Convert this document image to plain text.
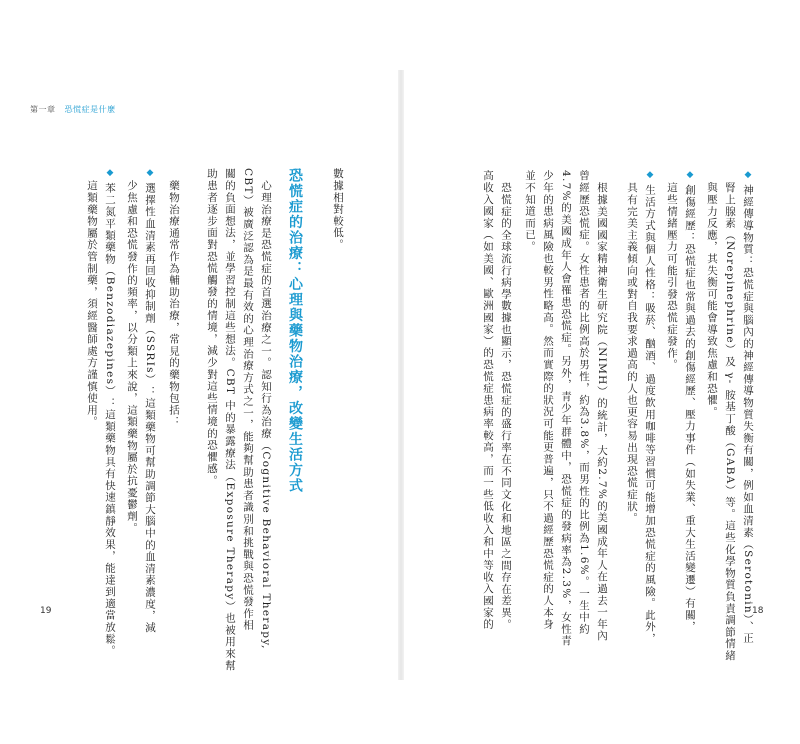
第一章 恐慌症是什麼
數據相對較低。
恐慌症的治療：心理與藥物治療，改變生活方式
心理治療是恐慌症的首選治療之一。認知行為治療（Cognitive Behavioral Therapy,
CBT）被廣泛認為是最有效的心理治療方式之一，能夠幫助患者識別和挑戰與恐慌發作相
關的負面想法，並學習控制這些想法。CBT 中的暴露療法（Exposure Therapy）也被用來幫
助患者逐步面對恐慌觸發的情境，減少對這些情境的恐懼感。
藥物治療通常作為輔助治療，常見的藥物包括：
◆ 選擇性血清素再回收抑制劑（SSRIs）：這類藥物可幫助調節大腦中的血清素濃度，減
少焦慮和恐慌發作的頻率，以分類上來說，這類藥物屬於抗憂鬱劑。
◆ 苯二氮平類藥物（Benzodiazepines）：這類藥物具有快速鎮靜效果，能達到適當放鬆。
這類藥物屬於管制藥，須經醫師處方謹慎使用。
19
◆	神經傳導物質：恐慌症與腦內的神經傳導物質失衡有關，例如血清素（Serotonin）、正
腎上腺素（Norepinephrine）及 γ- 胺基丁酸（GABA）等。這些化學物質負責調節情緒
與壓力反應，其失衡可能會導致焦慮和恐懼。
◆ 創傷經歷：恐慌症也常與過去的創傷經歷、壓力事件（如失業、重大生活變遷）有關，
這些情緒壓力可能引發恐慌症發作。
◆ 生活方式與個人性格：吸菸、酗酒、過度飲用咖啡等習慣可能增加恐慌症的風險。此外，
具有完美主義傾向或對自我要求過高的人也更容易出現恐慌症狀。
根據美國國家精神衛生研究院（NIMH）的統計，大約2.7%的美國成年人在過去一年內
曾經歷恐慌症。女性患者的比例高於男性，約為3.8%，而男性的比例為1.6%。一生中約
4.7%的美國成年人會罹患恐慌症。另外，青少年群體中，恐慌症的發病率為2.3%，女性青
少年的患病風險也較男性略高。然而實際的狀況可能更普遍，只不過經歷恐慌症的人本身
並不知道而已。
恐慌症的全球流行病學數據也顯示，恐慌症的盛行率在不同文化和地區之間存在差異。
高收入國家（如美國、歐洲國家）的恐慌症患病率較高，而一些低收入和中等收入國家的	18
